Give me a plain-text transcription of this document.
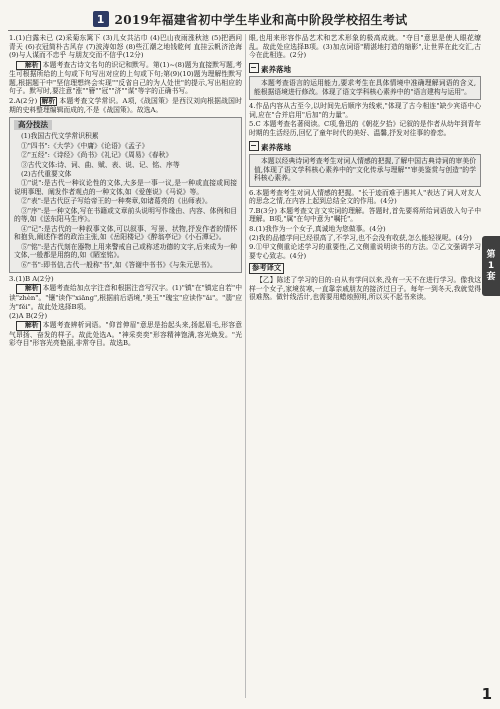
1 2019年福建省初中学生毕业和高中阶段学校招生考试

1.(1)白露未已 (2)采菊东篱下 (3)儿女共沾巾 (4)巴山夜雨涨秋池 (5)把酒问青天 (6)衣冠简朴古风存 (7)波涛如怒 (8)些江潮之地钱乾何 直挂云帆济沧海 (9)与人谋而不忠乎 与朋友交而不信乎(12分)

解析 本题考查古诗文名句的识记和默写。第(1)~(8)题为直接默写题,考生可根据所给的上句或下句写出对应的上句或下句;第(9)(10)题为理解性默写题,根据题干中"坚信理想终会实现""反省自己的为人处世"的提示,写出相应的句子。默写时,要注意"涨""簪""冠""济""谋"等字的正确书写。

2.A(2分) 解析 本题考查文学常识。A项,《战国策》是西汉刘向根据战国时期的史料整理编辑而成的,不是《战国策》。故选A。

高分技法

(1)我国古代文学常识积累

①"四书":《大学》《中庸》《论语》《孟子》

②"五经":《诗经》《尚书》《礼记》《周易》《春秋》

③古代文体:诗、词、曲、赋、表、说、记、铭、序等

(2)古代重要文体

①"说":是古代一种议论性的文体,大多是一事一议,是一种或直接或间接说明事理、阐发作者观点的一种文体,如《爱莲说》《马说》等。

②"表":是古代臣子写给帝王的一种奏章,如诸葛亮的《出师表》。

③"序":是一种文体,写在书籍或文章前头说明写作缘由、内容、体例和目的等,如《送东阳马生序》。

④"记":是古代的一种叙事文体,可以叙事、写景、状物,抒发作者的情怀和抱负,阐述作者的政治主张,如《岳阳楼记》《醉翁亭记》《小石潭记》。

⑤"铭":是古代刻在器物上用来警戒自己或称述功德的文字,后来成为一种文体,一般都是用韵的,如《陋室铭》。

⑥"书":即书信,古代一般称"书",如《答谢中书书》《与朱元思书》。

3.(1)B A(2分)

解析 本题考查给加点字注音和根据注音写汉字。(1)"镇"在"镇定自若"中读"zhèn"。"镶"读作"xiāng",根据前后语境,"美玉""瑰宝"应读作"ǎi"。"翡"应为"fěi"。故此处选择B项。

(2)A B(2分)

解析 本题考查辨析词语。"仰首伸眉"意思是抬起头来,扬起眉毛,形容意气昂扬、奋发的样子。故此处选A。"神采奕奕"形容精神饱满,容光焕发。"光彩夺目"形容光亮艳丽,非常夺目。故选B。

眼,也用来形容作品艺术和艺术形象的极高成就。"夺目"意思是使人眼花缭乱。故此处应选择B项。(3)加点词语"精湛地打造的缩影",让世界在此交汇,古今在此相连。(2分)

素养落地

本题考查语言的运用能力,要求考生在具体情境中准确理解词语的含义,能根据语境进行修改。体现了语文学科核心素养中的"语言建构与运用"。

4.作品内容从古至今,以时间先后顺序为线索,"体现了古今相连"缺少宾语中心词,应在"合并启用"后加"的力量"。

5.C 本题考查名著阅读。C项,鲁迅的《朝花夕拾》记叙的是作者从幼年到青年时期的生活经历,回忆了童年时代的美好、温馨,抒发对往事的眷恋。

素养落地

本题以经典诗词考查考生对词人情感的把握,了解中国古典诗词的审美价值,体现了语文学科核心素养中的"文化传承与理解""审美鉴赏与创造"的学科核心素养。

6.本题考查考生对词人情感的把握。"长于迹而难于遇其人"表达了词人对友人的思念之情,在内容上起到总结全文的作用。(4分)

7.B(3分) 本题考查文言文实词的理解。答题时,首先要将所给词语放入句子中理解。B项,"属"在句中意为"嘱托"。

8.(1)我作为一个女子,真诚地为您做事。(4分)

(2)我的品德学问已经很高了,不学习,也不会没有收获,怎么能轻视呢。(4分)

9.①甲文侧重论述学习的重要性,乙文侧重说明读书的方法。②乙文强调学习要专心致志。(4分)

参考译文

【乙】陈述了学习的目的:自从有学问以来,没有一天不在进行学习。像我这样一个女子,家境贫寒,一直靠亲戚朋友的接济过日子。每年一到冬天,我就觉得很难熬。做针线活计,也需要用蜡烛照明,所以买不起书来读。

第
1
套
1
